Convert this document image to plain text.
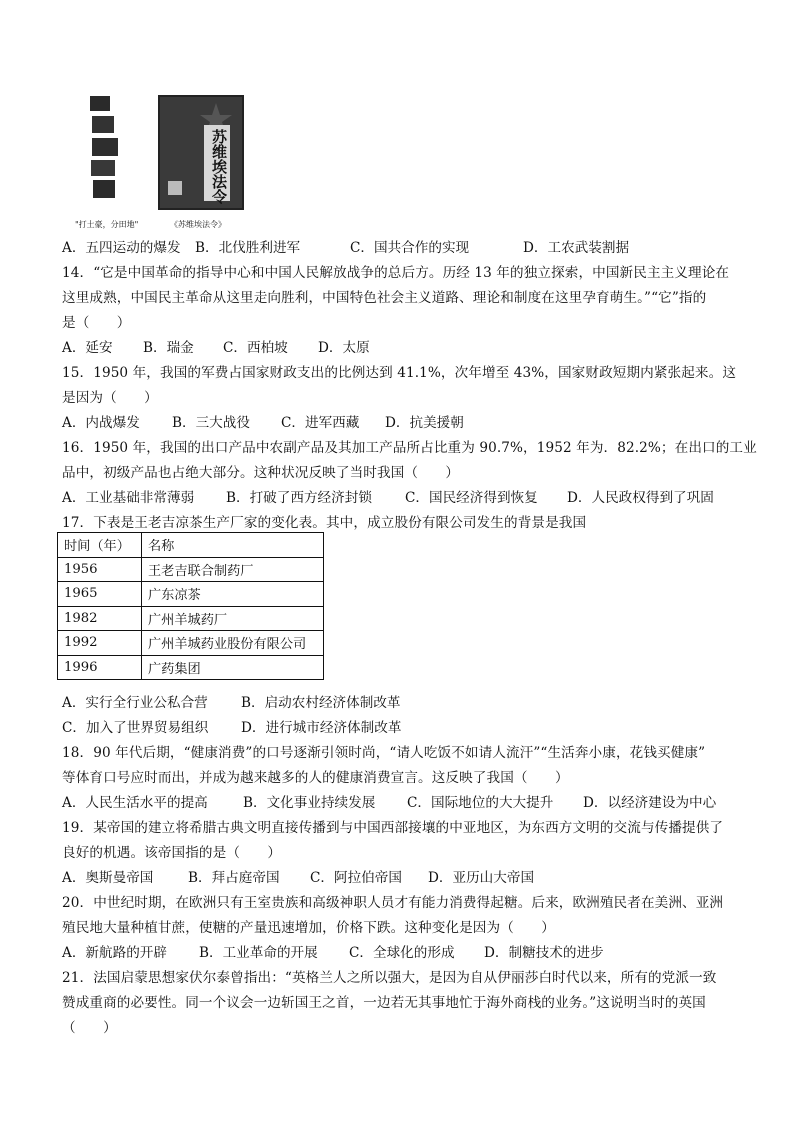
苏维埃法令
"打土豪，分田地"	《苏维埃法令》
A．五四运动的爆发 B．北伐胜利进军	C．国共合作的实现	D．工农武装割据
14．“它是中国革命的指导中心和中国人民解放战争的总后方。历经 13 年的独立探索，中国新民主主义理论在
这里成熟，中国民主革命从这里走向胜利，中国特色社会主义道路、理论和制度在这里孕育萌生。”“它”指的
是（　　）
A．延安 B．瑞金 C．西柏坡 D．太原
15．1950 年，我国的军费占国家财政支出的比例达到 41.1%，次年增至 43%，国家财政短期内紧张起来。这
是因为（　　）
A．内战爆发 B．三大战役 C．进军西藏 D．抗美援朝
16．1950 年，我国的出口产品中农副产品及其加工产品所占比重为 90.7%，1952 年为．82.2%；在出口的工业
品中，初级产品也占绝大部分。这种状况反映了当时我国（　　）
A．工业基础非常薄弱 B．打破了西方经济封锁 C．国民经济得到恢复 D．人民政权得到了巩固
17．下表是王老吉凉茶生产厂家的变化表。其中，成立股份有限公司发生的背景是我国
时间（年）	名称
1956	王老吉联合制药厂
1965	广东凉茶
1982	广州羊城药厂
1992	广州羊城药业股份有限公司
1996	广药集团
A．实行全行业公私合营 B．启动农村经济体制改革
C．加入了世界贸易组织 D．进行城市经济体制改革
18．90 年代后期，“健康消费”的口号逐渐引领时尚，“请人吃饭不如请人流汗”“生活奔小康，花钱买健康”
等体育口号应时而出，并成为越来越多的人的健康消费宣言。这反映了我国（　　）
A．人民生活水平的提高	B．文化事业持续发展 C．国际地位的大大提升 D．以经济建设为中心
19．某帝国的建立将希腊古典文明直接传播到与中国西部接壤的中亚地区，为东西方文明的交流与传播提供了
良好的机遇。该帝国指的是（　　）
A．奥斯曼帝国	B．拜占庭帝国 C．阿拉伯帝国 D．亚历山大帝国
20．中世纪时期，在欧洲只有王室贵族和高级神职人员才有能力消费得起糖。后来，欧洲殖民者在美洲、亚洲
殖民地大量种植甘蔗，使糖的产量迅速增加，价格下跌。这种变化是因为（　　）
A．新航路的开辟 B．工业革命的开展 C．全球化的形成 D．制糖技术的进步
21．法国启蒙思想家伏尔泰曾指出：“英格兰人之所以强大，是因为自从伊丽莎白时代以来，所有的党派一致
赞成重商的必要性。同一个议会一边斩国王之首，一边若无其事地忙于海外商栈的业务。”这说明当时的英国
（　　）
